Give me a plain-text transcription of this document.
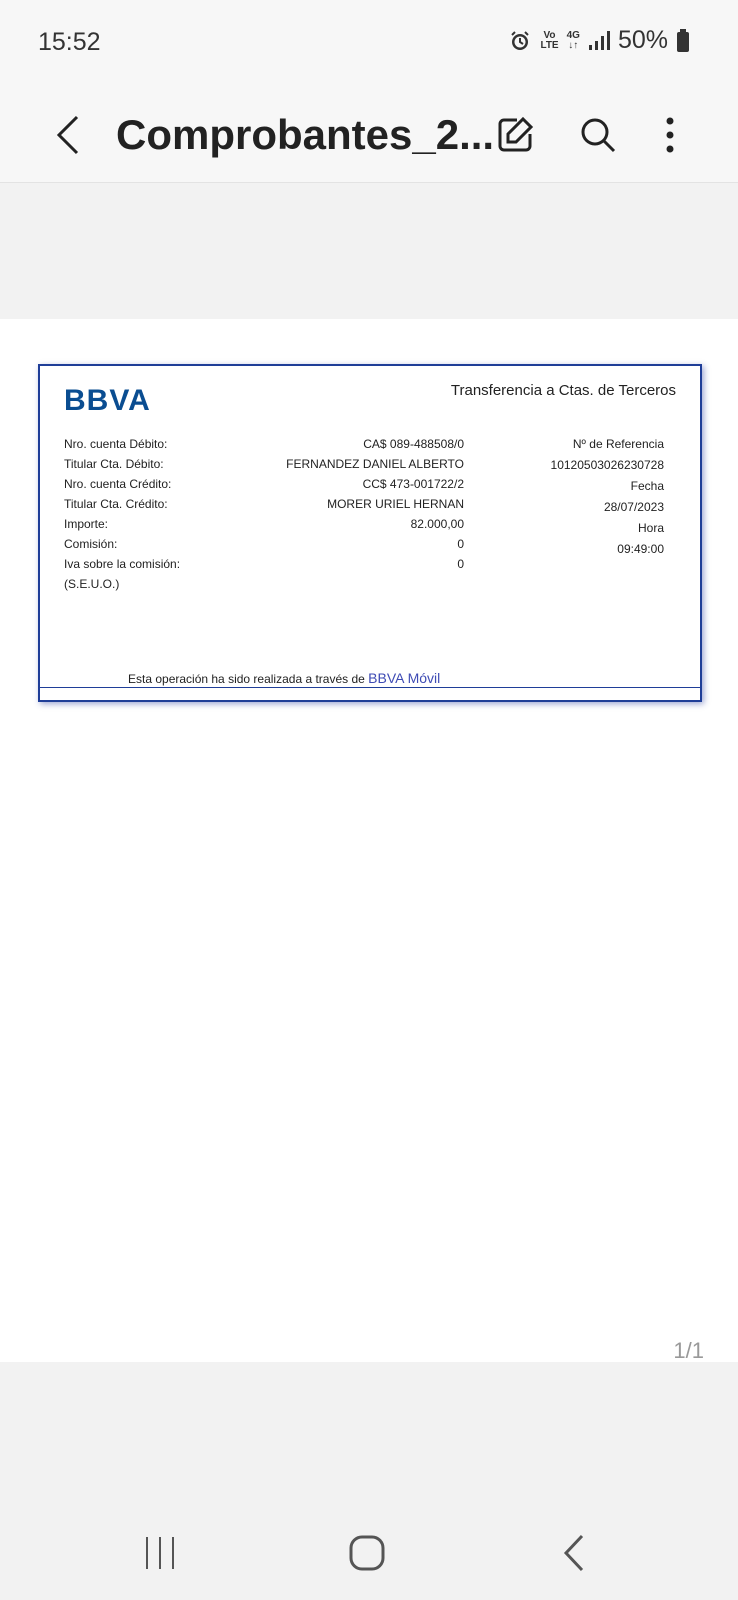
15:52	Vo
LTE
4G
↓↑ 50%
Comprobantes_2...
BBVA	Transferencia a Ctas. de Terceros
Nro. cuenta Débito:
Titular Cta. Débito:
Nro. cuenta Crédito:
Titular Cta. Crédito:
Importe:
Comisión:
Iva sobre la comisión:
(S.E.U.O.)
CA$ 089-488508/0
FERNANDEZ DANIEL ALBERTO
CC$ 473-001722/2
MORER URIEL HERNAN
82.000,00
0
0
Nº de Referencia
10120503026230728
Fecha
28/07/2023
Hora
09:49:00
Esta operación ha sido realizada a través de BBVA Móvil
1/1
